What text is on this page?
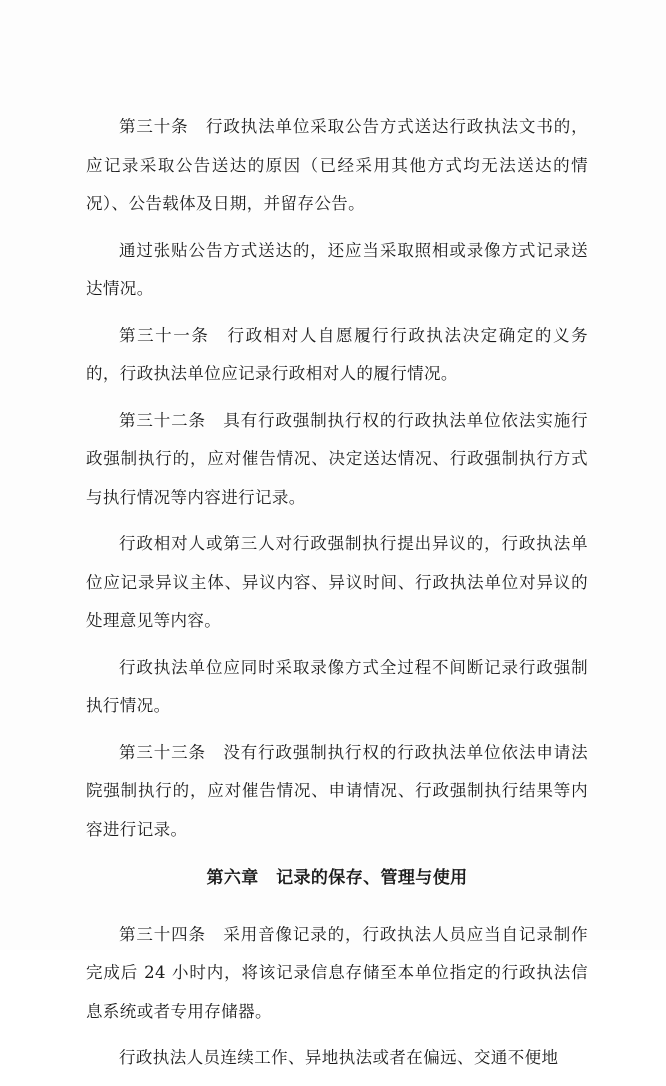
第三十条　行政执法单位采取公告方式送达行政执法文书的，应记录采取公告送达的原因（已经采用其他方式均无法送达的情况）、公告载体及日期，并留存公告。

通过张贴公告方式送达的，还应当采取照相或录像方式记录送达情况。

第三十一条　行政相对人自愿履行行政执法决定确定的义务的，行政执法单位应记录行政相对人的履行情况。

第三十二条　具有行政强制执行权的行政执法单位依法实施行政强制执行的，应对催告情况、决定送达情况、行政强制执行方式与执行情况等内容进行记录。

行政相对人或第三人对行政强制执行提出异议的，行政执法单位应记录异议主体、异议内容、异议时间、行政执法单位对异议的处理意见等内容。

行政执法单位应同时采取录像方式全过程不间断记录行政强制执行情况。

第三十三条　没有行政强制执行权的行政执法单位依法申请法院强制执行的，应对催告情况、申请情况、行政强制执行结果等内容进行记录。

第六章　记录的保存、管理与使用

第三十四条　采用音像记录的，行政执法人员应当自记录制作完成后 24 小时内，将该记录信息存储至本单位指定的行政执法信息系统或者专用存储器。

行政执法人员连续工作、异地执法或者在偏远、交通不便地
